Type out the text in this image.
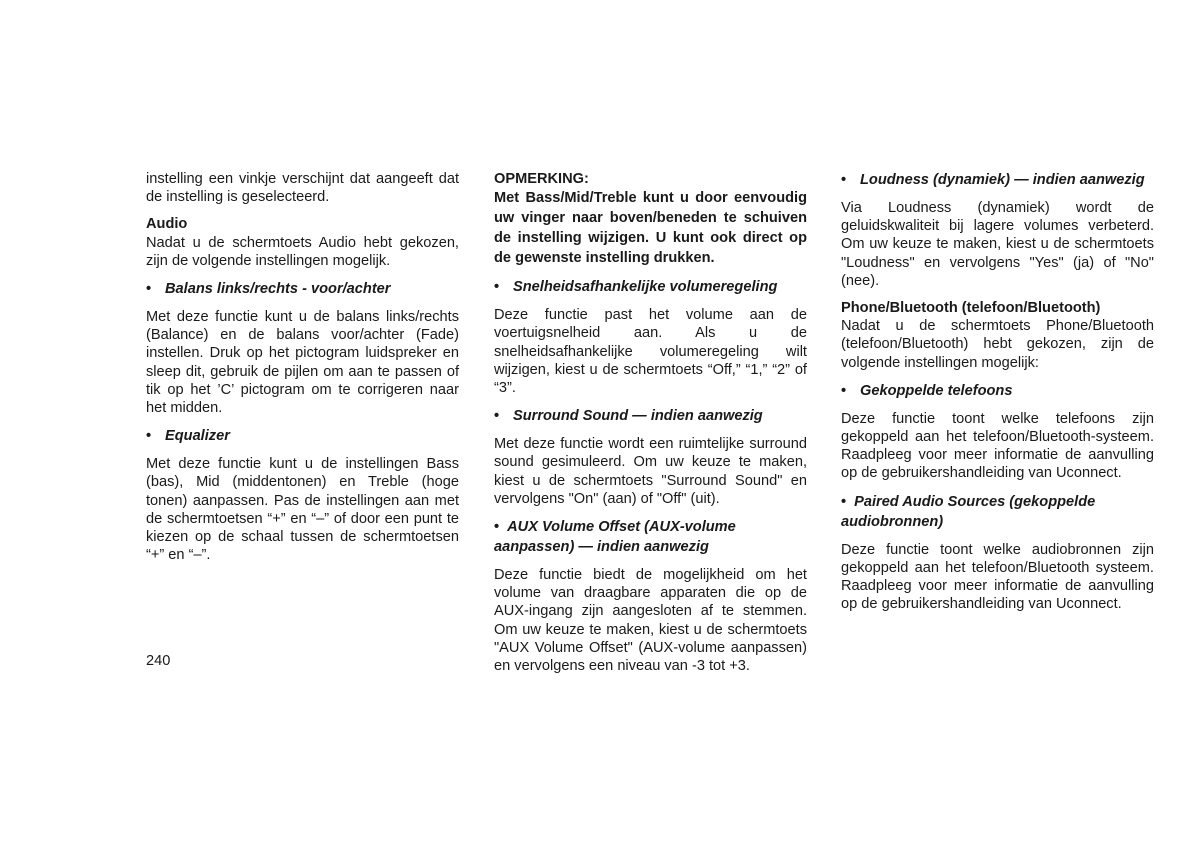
instelling een vinkje verschijnt dat aangeeft dat de instelling is geselecteerd.

Audio

Nadat u de schermtoets Audio hebt gekozen, zijn de volgende instellingen mogelijk.

• Balans links/rechts - voor/achter

Met deze functie kunt u de balans links/rechts (Balance) en de balans voor/achter (Fade) instellen. Druk op het pictogram luidspreker en sleep dit, gebruik de pijlen om aan te passen of tik op het ’C’ pictogram om te corrigeren naar het midden.

• Equalizer

Met deze functie kunt u de instellingen Bass (bas), Mid (middentonen) en Treble (hoge tonen) aanpassen. Pas de instellingen aan met de schermtoetsen “+” en “–” of door een punt te kiezen op de schaal tussen de schermtoetsen “+” en “–”.

OPMERKING:

Met Bass/Mid/Treble kunt u door eenvoudig uw vinger naar boven/beneden te schuiven de instelling wijzigen. U kunt ook direct op de gewenste instelling drukken.

• Snelheidsafhankelijke volumeregeling

Deze functie past het volume aan de voertuigsnelheid aan. Als u de snelheidsafhankelijke volumeregeling wilt wijzigen, kiest u de schermtoets “Off,” “1,” “2” of “3”.

• Surround Sound — indien aanwezig

Met deze functie wordt een ruimtelijke surround sound gesimuleerd. Om uw keuze te maken, kiest u de schermtoets "Surround Sound" en vervolgens "On" (aan) of "Off" (uit).

• AUX Volume Offset (AUX-volume aanpassen) — indien aanwezig

Deze functie biedt de mogelijkheid om het volume van draagbare apparaten die op de AUX-ingang zijn aangesloten af te stemmen. Om uw keuze te maken, kiest u de schermtoets "AUX Volume Offset" (AUX-volume aanpassen) en vervolgens een niveau van -3 tot +3.

• Loudness (dynamiek) — indien aanwezig

Via Loudness (dynamiek) wordt de geluidskwaliteit bij lagere volumes verbeterd. Om uw keuze te maken, kiest u de schermtoets "Loudness" en vervolgens "Yes" (ja) of "No" (nee).

Phone/Bluetooth (telefoon/Bluetooth)

Nadat u de schermtoets Phone/Bluetooth (telefoon/Bluetooth) hebt gekozen, zijn de volgende instellingen mogelijk:

• Gekoppelde telefoons

Deze functie toont welke telefoons zijn gekoppeld aan het telefoon/Bluetooth-systeem. Raadpleeg voor meer informatie de aanvulling op de gebruikershandleiding van Uconnect.

• Paired Audio Sources (gekoppelde audiobronnen)

Deze functie toont welke audiobronnen zijn gekoppeld aan het telefoon/Bluetooth systeem. Raadpleeg voor meer informatie de aanvulling op de gebruikershandleiding van Uconnect.

240
